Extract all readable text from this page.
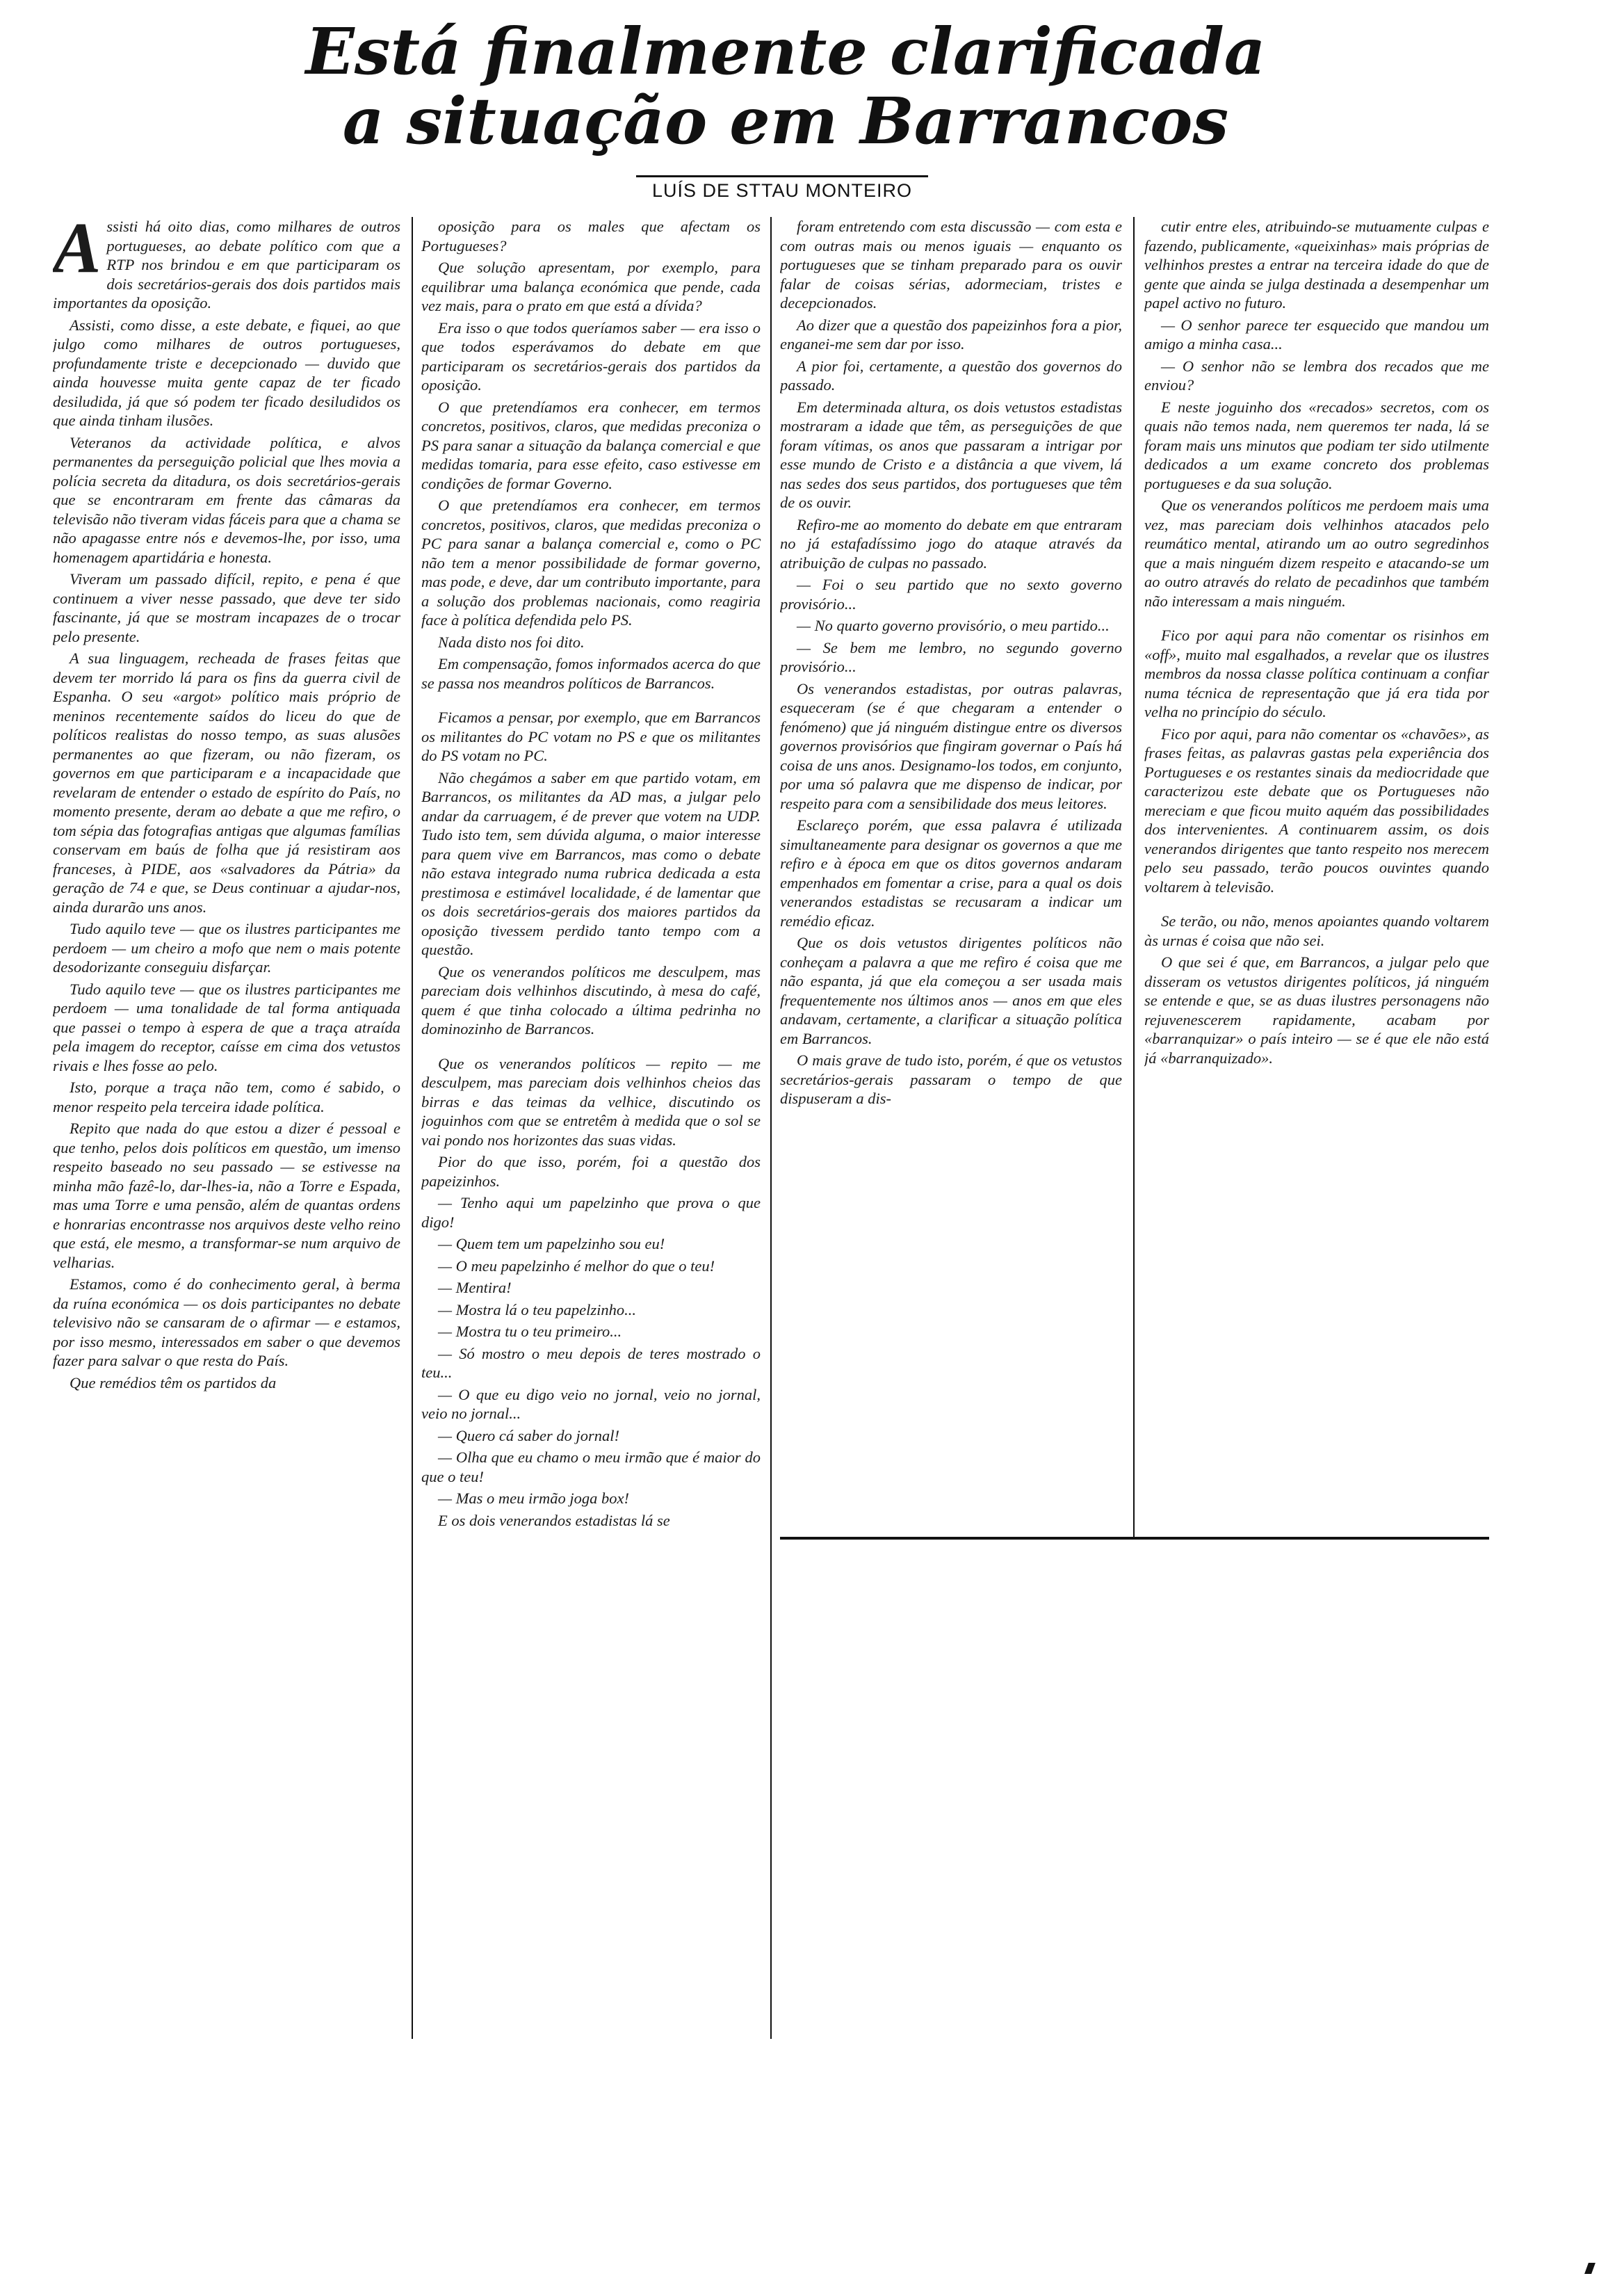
Está finalmente clarificada
a situação em Barrancos
LUÍS DE STTAU MONTEIRO

Assisti há oito dias, como milhares de outros portugueses, ao debate político com que a RTP nos brindou e em que participaram os dois secretários-gerais dos dois partidos mais importantes da oposição.

Assisti, como disse, a este debate, e fiquei, ao que julgo como milhares de outros portugueses, profundamente triste e decepcionado — duvido que ainda houvesse muita gente capaz de ter ficado desiludida, já que só podem ter ficado desiludidos os que ainda tinham ilusões.

Veteranos da actividade política, e alvos permanentes da perseguição policial que lhes movia a polícia secreta da ditadura, os dois secretários-gerais que se encontraram em frente das câmaras da televisão não tiveram vidas fáceis para que a chama se não apagasse entre nós e devemos-lhe, por isso, uma homenagem apartidária e honesta.

Viveram um passado difícil, repito, e pena é que continuem a viver nesse passado, que deve ter sido fascinante, já que se mostram incapazes de o trocar pelo presente.

A sua linguagem, recheada de frases feitas que devem ter morrido lá para os fins da guerra civil de Espanha. O seu «argot» político mais próprio de meninos recentemente saídos do liceu do que de políticos realistas do nosso tempo, as suas alusões permanentes ao que fizeram, ou não fizeram, os governos em que participaram e a incapacidade que revelaram de entender o estado de espírito do País, no momento presente, deram ao debate a que me refiro, o tom sépia das fotografias antigas que algumas famílias conservam em baús de folha que já resistiram aos franceses, à PIDE, aos «salvadores da Pátria» da geração de 74 e que, se Deus continuar a ajudar-nos, ainda durarão uns anos.

Tudo aquilo teve — que os ilustres participantes me perdoem — um cheiro a mofo que nem o mais potente desodorizante conseguiu disfarçar.

Tudo aquilo teve — que os ilustres participantes me perdoem — uma tonalidade de tal forma antiquada que passei o tempo à espera de que a traça atraída pela imagem do receptor, caísse em cima dos vetustos rivais e lhes fosse ao pelo.

Isto, porque a traça não tem, como é sabido, o menor respeito pela terceira idade política.

Repito que nada do que estou a dizer é pessoal e que tenho, pelos dois políticos em questão, um imenso respeito baseado no seu passado — se estivesse na minha mão fazê-lo, dar-lhes-ia, não a Torre e Espada, mas uma Torre e uma pensão, além de quantas ordens e honrarias encontrasse nos arquivos deste velho reino que está, ele mesmo, a transformar-se num arquivo de velharias.

Estamos, como é do conhecimento geral, à berma da ruína económica — os dois participantes no debate televisivo não se cansaram de o afirmar — e estamos, por isso mesmo, interessados em saber o que devemos fazer para salvar o que resta do País.

Que remédios têm os partidos da

oposição para os males que afectam os Portugueses?

Que solução apresentam, por exemplo, para equilibrar uma balança económica que pende, cada vez mais, para o prato em que está a dívida?

Era isso o que todos queríamos saber — era isso o que todos esperávamos do debate em que participaram os secretários-gerais dos partidos da oposição.

O que pretendíamos era conhecer, em termos concretos, positivos, claros, que medidas preconiza o PS para sanar a situação da balança comercial e que medidas tomaria, para esse efeito, caso estivesse em condições de formar Governo.

O que pretendíamos era conhecer, em termos concretos, positivos, claros, que medidas preconiza o PC para sanar a balança comercial e, como o PC não tem a menor possibilidade de formar governo, mas pode, e deve, dar um contributo importante, para a solução dos problemas nacionais, como reagiria face à política defendida pelo PS.

Nada disto nos foi dito.

Em compensação, fomos informados acerca do que se passa nos meandros políticos de Barrancos.

Ficamos a pensar, por exemplo, que em Barrancos os militantes do PC votam no PS e que os militantes do PS votam no PC.

Não chegámos a saber em que partido votam, em Barrancos, os militantes da AD mas, a julgar pelo andar da carruagem, é de prever que votem na UDP. Tudo isto tem, sem dúvida alguma, o maior interesse para quem vive em Barrancos, mas como o debate não estava integrado numa rubrica dedicada a esta prestimosa e estimável localidade, é de lamentar que os dois secretários-gerais dos maiores partidos da oposição tivessem perdido tanto tempo com a questão.

Que os venerandos políticos me desculpem, mas pareciam dois velhinhos discutindo, à mesa do café, quem é que tinha colocado a última pedrinha no dominozinho de Barrancos.

Que os venerandos políticos — repito — me desculpem, mas pareciam dois velhinhos cheios das birras e das teimas da velhice, discutindo os joguinhos com que se entretêm à medida que o sol se vai pondo nos horizontes das suas vidas.

Pior do que isso, porém, foi a questão dos papeizinhos.

— Tenho aqui um papelzinho que prova o que digo!

— Quem tem um papelzinho sou eu!

— O meu papelzinho é melhor do que o teu!

— Mentira!

— Mostra lá o teu papelzinho...

— Mostra tu o teu primeiro...

— Só mostro o meu depois de teres mostrado o teu...

— O que eu digo veio no jornal, veio no jornal, veio no jornal...

— Quero cá saber do jornal!

— Olha que eu chamo o meu irmão que é maior do que o teu!

— Mas o meu irmão joga box!

E os dois venerandos estadistas lá se

foram entretendo com esta discussão — com esta e com outras mais ou menos iguais — enquanto os portugueses que se tinham preparado para os ouvir falar de coisas sérias, adormeciam, tristes e decepcionados.

Ao dizer que a questão dos papeizinhos fora a pior, enganei-me sem dar por isso.

A pior foi, certamente, a questão dos governos do passado.

Em determinada altura, os dois vetustos estadistas mostraram a idade que têm, as perseguições de que foram vítimas, os anos que passaram a intrigar por esse mundo de Cristo e a distância a que vivem, lá nas sedes dos seus partidos, dos portugueses que têm de os ouvir.

Refiro-me ao momento do debate em que entraram no já estafadíssimo jogo do ataque através da atribuição de culpas no passado.

— Foi o seu partido que no sexto governo provisório...

— No quarto governo provisório, o meu partido...

— Se bem me lembro, no segundo governo provisório...

Os venerandos estadistas, por outras palavras, esqueceram (se é que chegaram a entender o fenómeno) que já ninguém distingue entre os diversos governos provisórios que fingiram governar o País há coisa de uns anos. Designamo-los todos, em conjunto, por uma só palavra que me dispenso de indicar, por respeito para com a sensibilidade dos meus leitores.

Esclareço porém, que essa palavra é utilizada simultaneamente para designar os governos a que me refiro e à época em que os ditos governos andaram empenhados em fomentar a crise, para a qual os dois venerandos estadistas se recusaram a indicar um remédio eficaz.

Que os dois vetustos dirigentes políticos não conheçam a palavra a que me refiro é coisa que me não espanta, já que ela começou a ser usada mais frequentemente nos últimos anos — anos em que eles andavam, certamente, a clarificar a situação política em Barrancos.

O mais grave de tudo isto, porém, é que os vetustos secretários-gerais passaram o tempo de que dispuseram a dis-

cutir entre eles, atribuindo-se mutuamente culpas e fazendo, publicamente, «queixinhas» mais próprias de velhinhos prestes a entrar na terceira idade do que de gente que ainda se julga destinada a desempenhar um papel activo no futuro.

— O senhor parece ter esquecido que mandou um amigo a minha casa...

— O senhor não se lembra dos recados que me enviou?

E neste joguinho dos «recados» secretos, com os quais não temos nada, nem queremos ter nada, lá se foram mais uns minutos que podiam ter sido utilmente dedicados a um exame concreto dos problemas portugueses e da sua solução.

Que os venerandos políticos me perdoem mais uma vez, mas pareciam dois velhinhos atacados pelo reumático mental, atirando um ao outro segredinhos que a mais ninguém dizem respeito e atacando-se um ao outro através do relato de pecadinhos que também não interessam a mais ninguém.

Fico por aqui para não comentar os risinhos em «off», muito mal esgalhados, a revelar que os ilustres membros da nossa classe política continuam a confiar numa técnica de representação que já era tida por velha no princípio do século.

Fico por aqui, para não comentar os «chavões», as frases feitas, as palavras gastas pela experiência dos Portugueses e os restantes sinais da mediocridade que caracterizou este debate que os Portugueses não mereciam e que ficou muito aquém das possibilidades dos intervenientes. A continuarem assim, os dois venerandos dirigentes que tanto respeito nos merecem pelo seu passado, terão poucos ouvintes quando voltarem à televisão.

Se terão, ou não, menos apoiantes quando voltarem às urnas é coisa que não sei.

O que sei é que, em Barrancos, a julgar pelo que disseram os vetustos dirigentes políticos, já ninguém se entende e que, se as duas ilustres personagens não rejuvenescerem rapidamente, acabam por «barranquizar» o país inteiro — se é que ele não está já «barranquizado».
